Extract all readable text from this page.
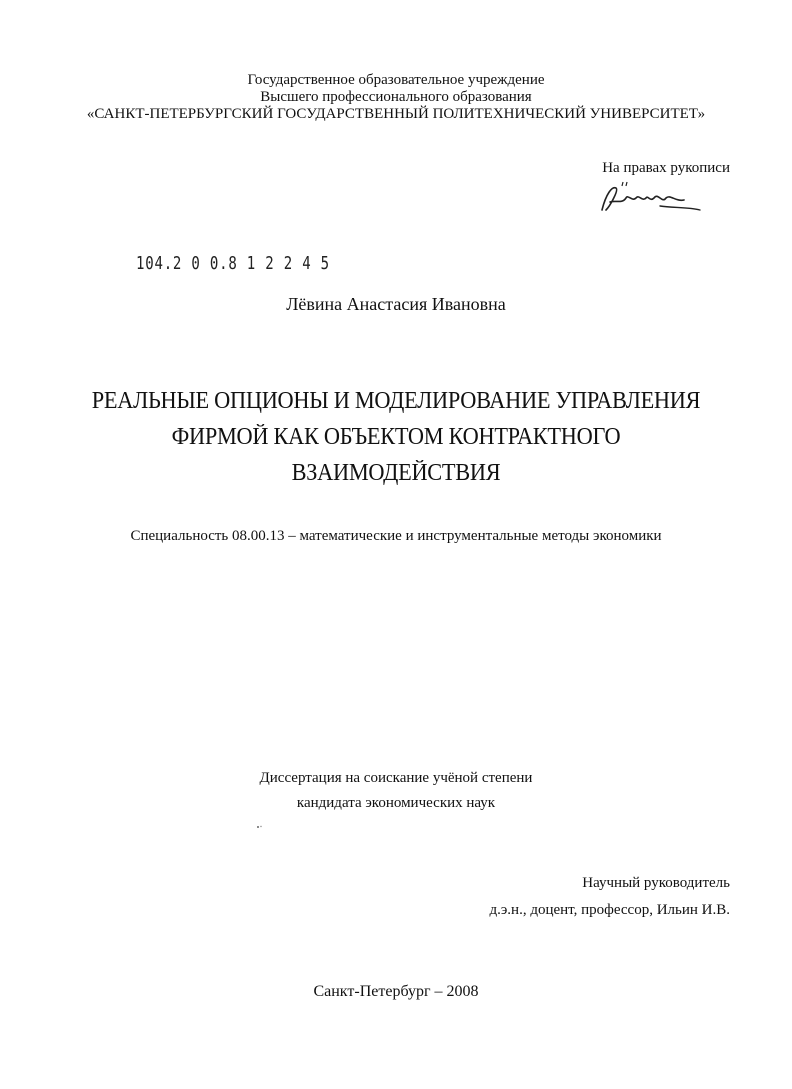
Государственное образовательное учреждение
Высшего профессионального образования
«САНКТ-ПЕТЕРБУРГСКИЙ ГОСУДАРСТВЕННЫЙ ПОЛИТЕХНИЧЕСКИЙ УНИВЕРСИТЕТ»
На правах рукописи
104.2 0 0.8 1 2 2 4 5
Лёвина Анастасия Ивановна
РЕАЛЬНЫЕ ОПЦИОНЫ И МОДЕЛИРОВАНИЕ УПРАВЛЕНИЯ
ФИРМОЙ КАК ОБЪЕКТОМ КОНТРАКТНОГО
ВЗАИМОДЕЙСТВИЯ
Специальность 08.00.13 – математические и инструментальные методы экономики
Диссертация на соискание учёной степени
кандидата экономических наук
Научный руководитель
д.э.н., доцент, профессор, Ильин И.В.
Санкт-Петербург – 2008
